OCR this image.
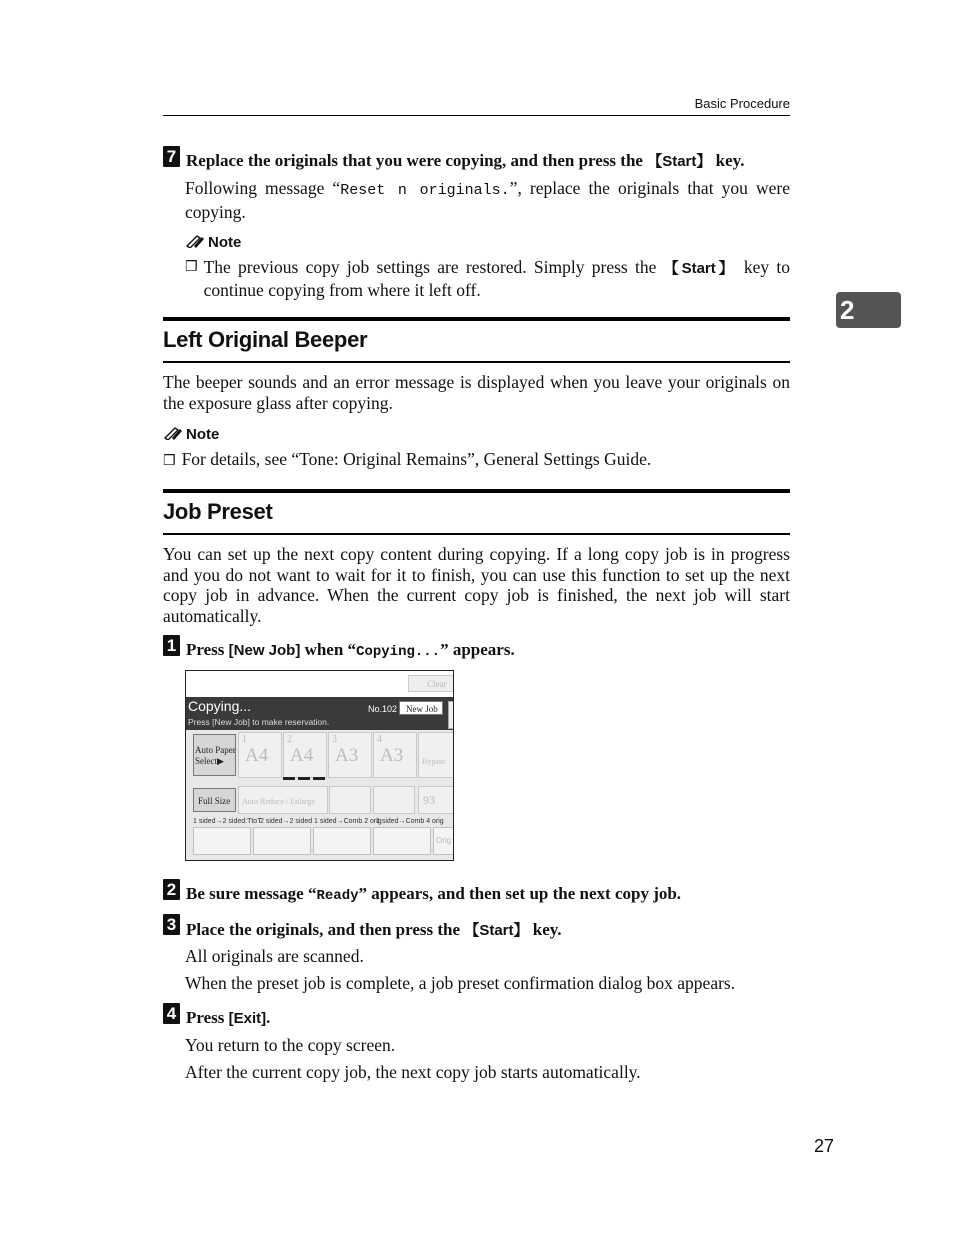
Basic Procedure
2
7 Replace the originals that you were copying, and then press the 【Start】 key.
Following message “Reset n originals.”, replace the originals that you were copying.
Note
❒ The previous copy job settings are restored. Simply press the 【Start】 key to continue copying from where it left off.
Left Original Beeper
The beeper sounds and an error message is displayed when you leave your originals on the exposure glass after copying.
Note
❒ For details, see “Tone: Original Remains”, General Settings Guide.
Job Preset
You can set up the next copy content during copying. If a long copy job is in progress and you do not want to wait for it to finish, you can use this function to set up the next copy job in advance. When the current copy job is finished, the next job will start automatically.
1 Press [New Job] when “Copying...” appears.
Clear
Copying...
Press [New Job] to make reservation.
No.102 New Job
Auto Paper
Select▶
1
A4
2
A4
3
A3
4
A3 Bypass
Full Size	Auto Reduce / Enlarge	93
1 sided→2 sided:TtoT
2 sided→2 sided 1 sided→Comb 2 orig
1 sided→Comb 4 orig
Orig
2 Be sure message “Ready” appears, and then set up the next copy job.
3 Place the originals, and then press the 【Start】 key.
All originals are scanned.
When the preset job is complete, a job preset confirmation dialog box appears.
4 Press [Exit].
You return to the copy screen.
After the current copy job, the next copy job starts automatically.
27
